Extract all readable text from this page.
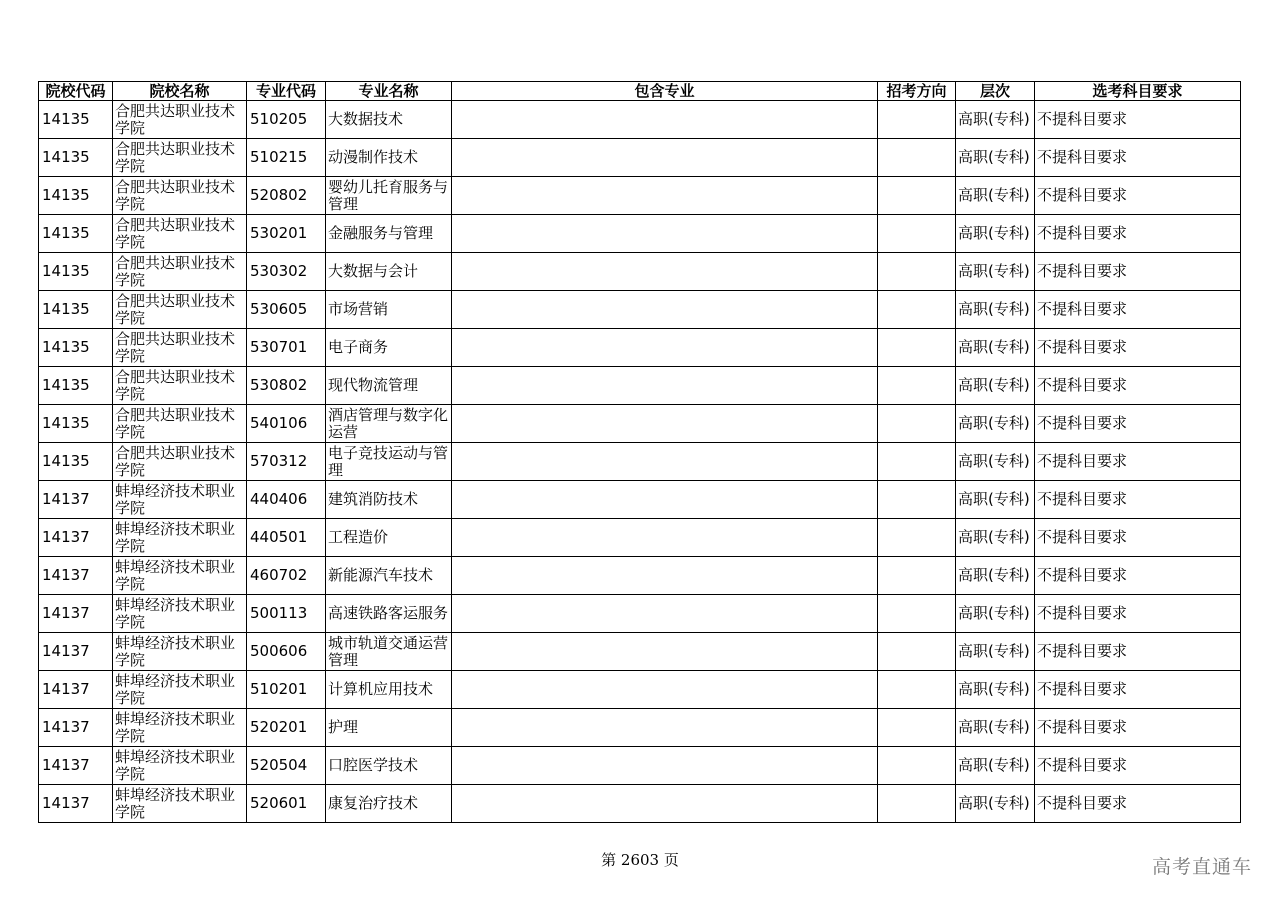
院校代码	院校名称	专业代码	专业名称	包含专业	招考方向	层次	选考科目要求
14135	合肥共达职业技术学院	510205	大数据技术			高职(专科)	不提科目要求
14135	合肥共达职业技术学院	510215	动漫制作技术			高职(专科)	不提科目要求
14135	合肥共达职业技术学院	520802	婴幼儿托育服务与管理			高职(专科)	不提科目要求
14135	合肥共达职业技术学院	530201	金融服务与管理			高职(专科)	不提科目要求
14135	合肥共达职业技术学院	530302	大数据与会计			高职(专科)	不提科目要求
14135	合肥共达职业技术学院	530605	市场营销			高职(专科)	不提科目要求
14135	合肥共达职业技术学院	530701	电子商务			高职(专科)	不提科目要求
14135	合肥共达职业技术学院	530802	现代物流管理			高职(专科)	不提科目要求
14135	合肥共达职业技术学院	540106	酒店管理与数字化运营			高职(专科)	不提科目要求
14135	合肥共达职业技术学院	570312	电子竞技运动与管理			高职(专科)	不提科目要求
14137	蚌埠经济技术职业学院	440406	建筑消防技术			高职(专科)	不提科目要求
14137	蚌埠经济技术职业学院	440501	工程造价			高职(专科)	不提科目要求
14137	蚌埠经济技术职业学院	460702	新能源汽车技术			高职(专科)	不提科目要求
14137	蚌埠经济技术职业学院	500113	高速铁路客运服务			高职(专科)	不提科目要求
14137	蚌埠经济技术职业学院	500606	城市轨道交通运营管理			高职(专科)	不提科目要求
14137	蚌埠经济技术职业学院	510201	计算机应用技术			高职(专科)	不提科目要求
14137	蚌埠经济技术职业学院	520201	护理			高职(专科)	不提科目要求
14137	蚌埠经济技术职业学院	520504	口腔医学技术			高职(专科)	不提科目要求
14137	蚌埠经济技术职业学院	520601	康复治疗技术			高职(专科)	不提科目要求
第 2603 页	高考直通车
